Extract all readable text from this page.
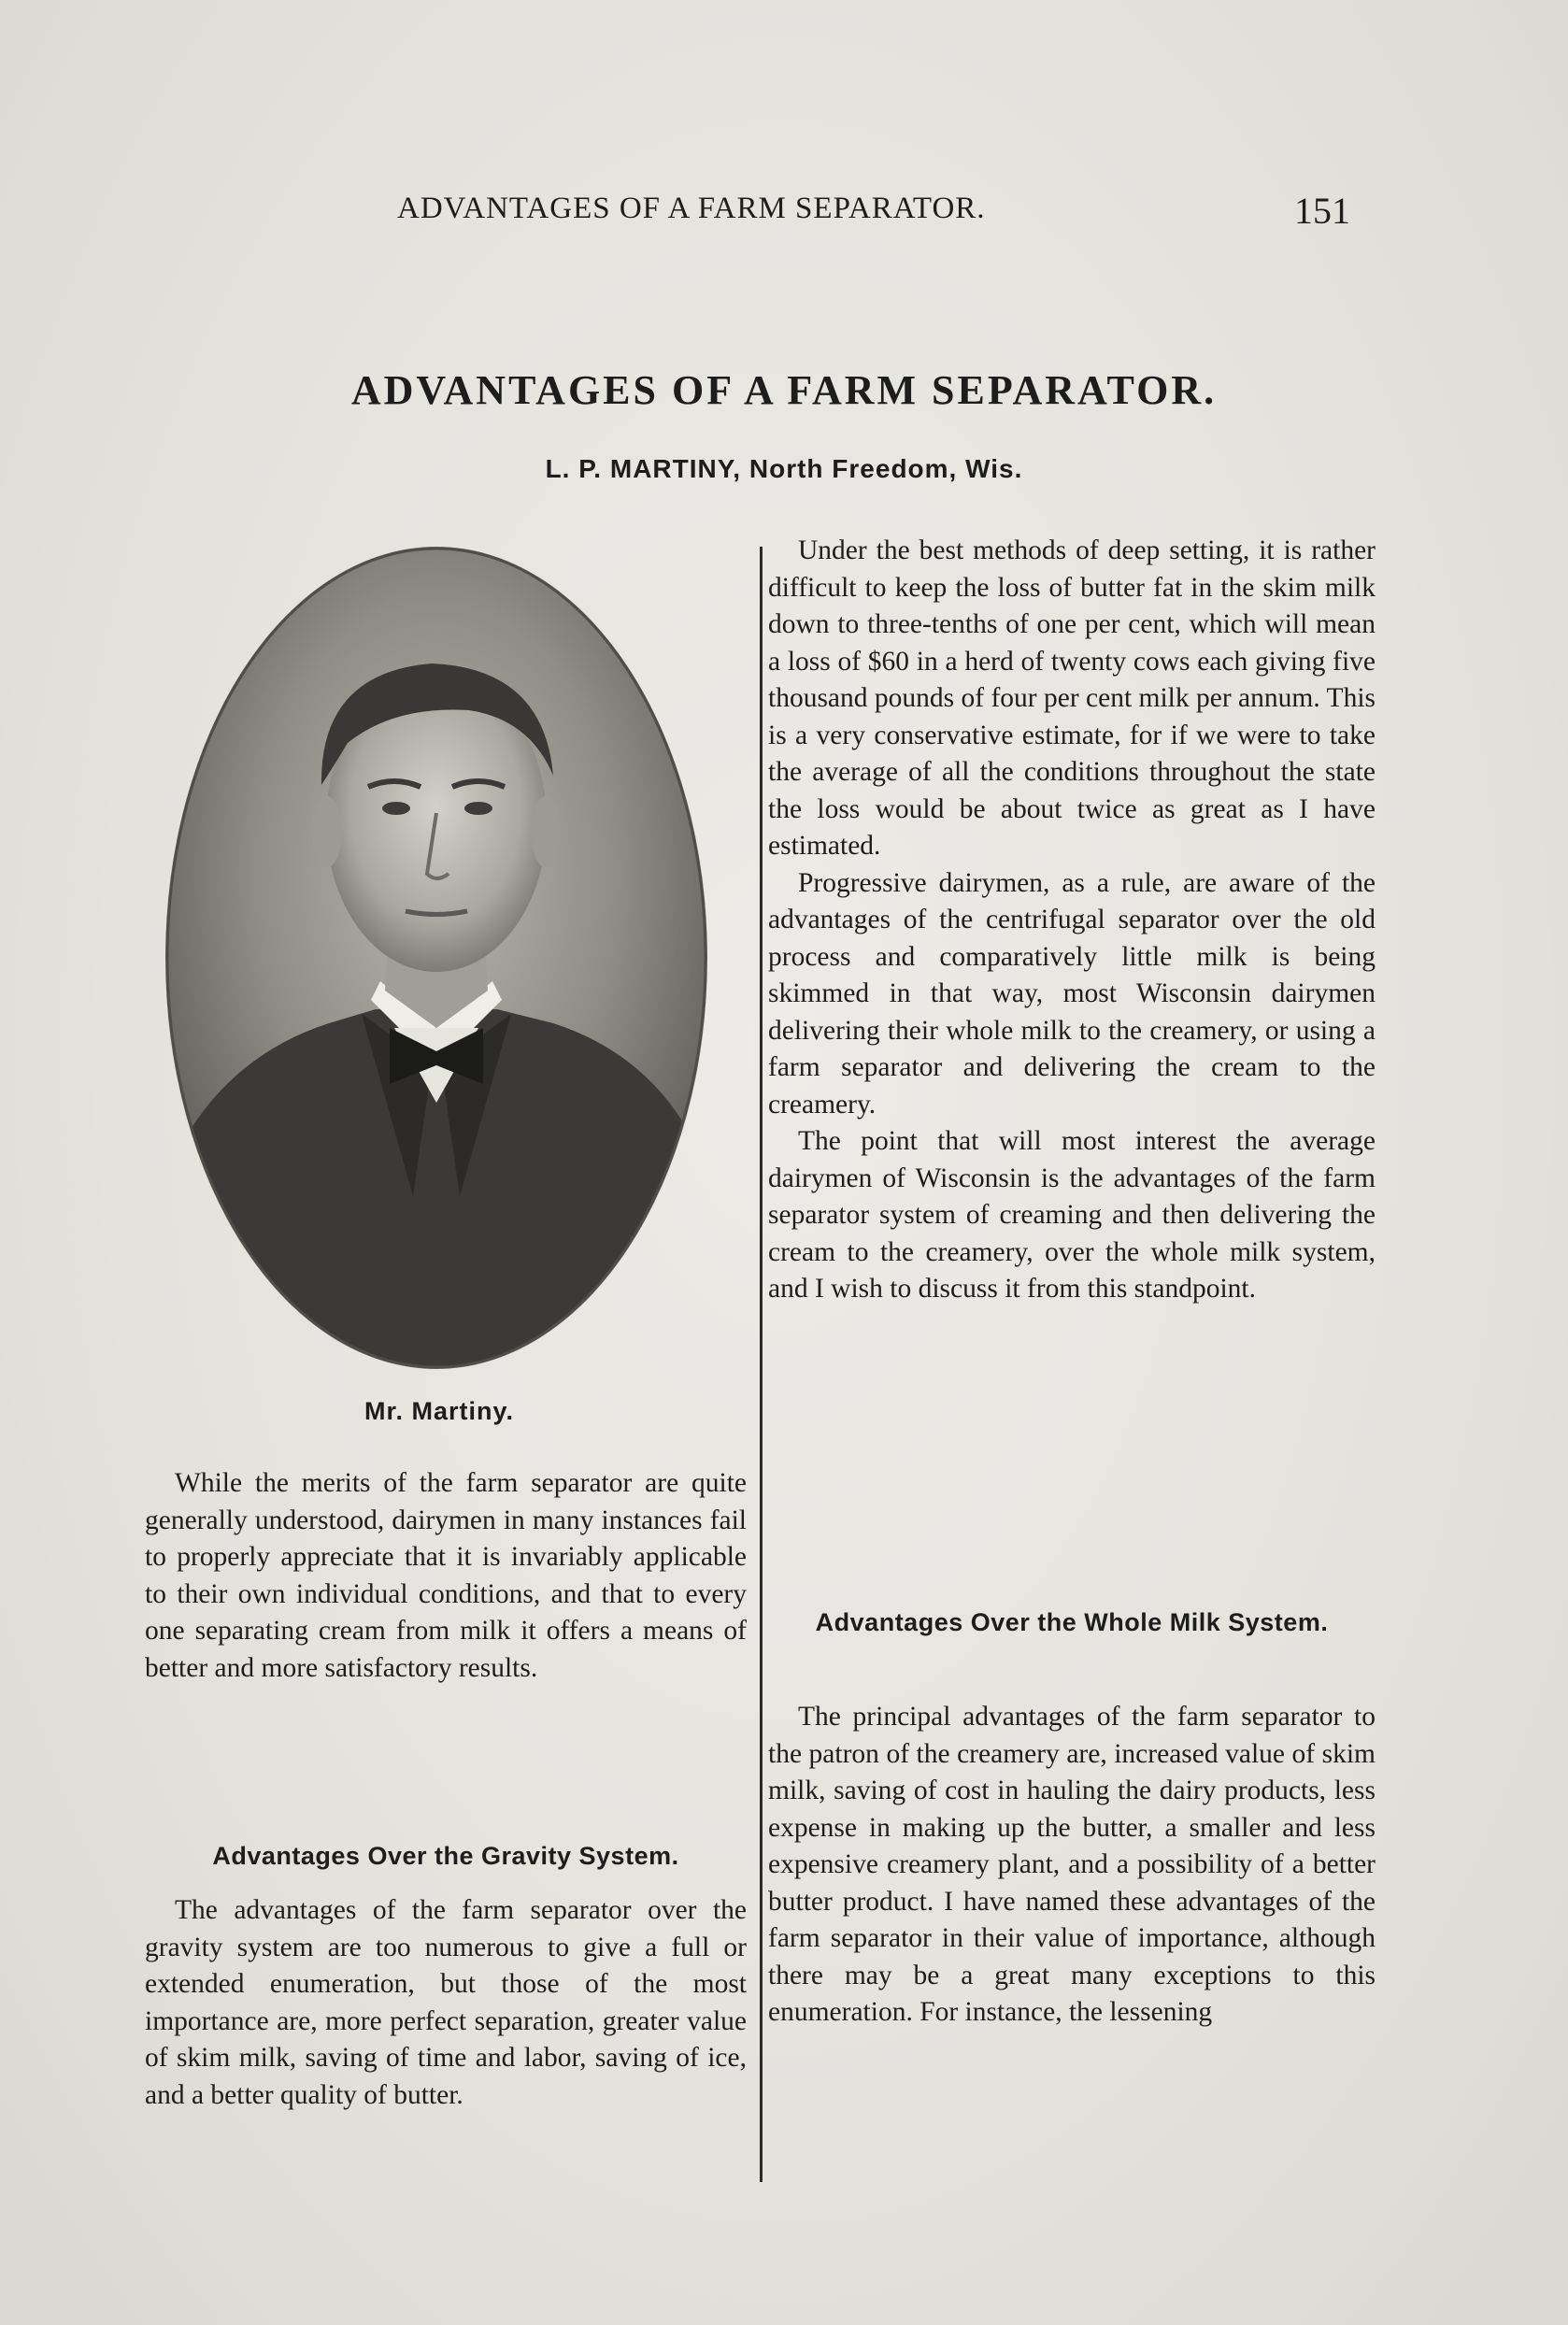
ADVANTAGES OF A FARM SEPARATOR.	151
ADVANTAGES OF A FARM SEPARATOR.
L. P. MARTINY, North Freedom, Wis.
Mr. Martiny.

While the merits of the farm separator are quite generally understood, dairymen in many instances fail to properly appreciate that it is invariably applicable to their own individual conditions, and that to every one separating cream from milk it offers a means of better and more satisfactory results.

Advantages Over the Gravity System.

The advantages of the farm separator over the gravity system are too numerous to give a full or extended enumeration, but those of the most importance are, more perfect separation, greater value of skim milk, saving of time and labor, saving of ice, and a better quality of butter.

Under the best methods of deep setting, it is rather difficult to keep the loss of butter fat in the skim milk down to three-tenths of one per cent, which will mean a loss of $60 in a herd of twenty cows each giving five thousand pounds of four per cent milk per annum. This is a very conservative estimate, for if we were to take the average of all the conditions throughout the state the loss would be about twice as great as I have estimated.

Progressive dairymen, as a rule, are aware of the advantages of the centrifugal separator over the old process and comparatively little milk is being skimmed in that way, most Wisconsin dairymen delivering their whole milk to the creamery, or using a farm separator and delivering the cream to the creamery.

The point that will most interest the average dairymen of Wisconsin is the advantages of the farm separator system of creaming and then delivering the cream to the creamery, over the whole milk system, and I wish to discuss it from this standpoint.

Advantages Over the Whole Milk System.

The principal advantages of the farm separator to the patron of the creamery are, increased value of skim milk, saving of cost in hauling the dairy products, less expense in making up the butter, a smaller and less expensive creamery plant, and a possibility of a better butter product. I have named these advantages of the farm separator in their value of importance, although there may be a great many exceptions to this enumeration. For instance, the lessening
